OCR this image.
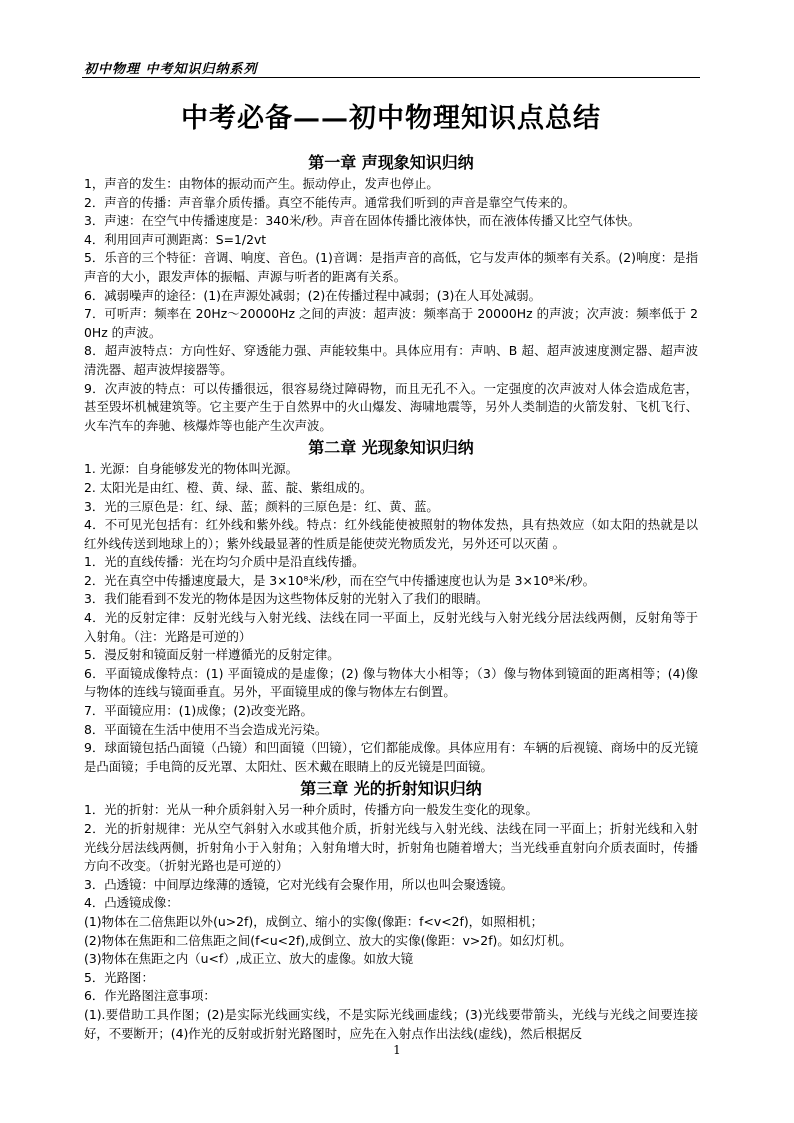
初中物理 中考知识归纳系列
中考必备——初中物理知识点总结
第一章 声现象知识归纳

1，声音的发生：由物体的振动而产生。振动停止，发声也停止。

2．声音的传播：声音靠介质传播。真空不能传声。通常我们听到的声音是靠空气传来的。

3．声速：在空气中传播速度是：340米/秒。声音在固体传播比液体快，而在液体传播又比空气体快。

4．利用回声可测距离：S=1/2vt

5．乐音的三个特征：音调、响度、音色。(1)音调：是指声音的高低，它与发声体的频率有关系。(2)响度：是指声音的大小，跟发声体的振幅、声源与听者的距离有关系。

6．减弱噪声的途径：(1)在声源处减弱；(2)在传播过程中减弱；(3)在人耳处减弱。

7．可听声：频率在 20Hz～20000Hz 之间的声波：超声波：频率高于 20000Hz 的声波；次声波：频率低于 20Hz 的声波。

8．超声波特点：方向性好、穿透能力强、声能较集中。具体应用有：声呐、B 超、超声波速度测定器、超声波清洗器、超声波焊接器等。

9．次声波的特点：可以传播很远，很容易绕过障碍物，而且无孔不入。一定强度的次声波对人体会造成危害，甚至毁坏机械建筑等。它主要产生于自然界中的火山爆发、海啸地震等，另外人类制造的火箭发射、飞机飞行、火车汽车的奔驰、核爆炸等也能产生次声波。

第二章 光现象知识归纳

1. 光源：自身能够发光的物体叫光源。

2. 太阳光是由红、橙、黄、绿、蓝、靛、紫组成的。

3．光的三原色是：红、绿、蓝；颜料的三原色是：红、黄、蓝。

4．不可见光包括有：红外线和紫外线。特点：红外线能使被照射的物体发热，具有热效应（如太阳的热就是以红外线传送到地球上的）；紫外线最显著的性质是能使荧光物质发光，另外还可以灭菌 。

1．光的直线传播：光在均匀介质中是沿直线传播。

2．光在真空中传播速度最大，是 3×10⁸米/秒，而在空气中传播速度也认为是 3×10⁸米/秒。

3．我们能看到不发光的物体是因为这些物体反射的光射入了我们的眼睛。

4．光的反射定律：反射光线与入射光线、法线在同一平面上，反射光线与入射光线分居法线两侧，反射角等于入射角。（注：光路是可逆的）

5．漫反射和镜面反射一样遵循光的反射定律。

6．平面镜成像特点：(1) 平面镜成的是虚像；(2) 像与物体大小相等；（3）像与物体到镜面的距离相等；(4)像与物体的连线与镜面垂直。另外，平面镜里成的像与物体左右倒置。

7．平面镜应用：(1)成像；(2)改变光路。

8．平面镜在生活中使用不当会造成光污染。

9．球面镜包括凸面镜（凸镜）和凹面镜（凹镜），它们都能成像。具体应用有：车辆的后视镜、商场中的反光镜是凸面镜；手电筒的反光罩、太阳灶、医术戴在眼睛上的反光镜是凹面镜。

第三章 光的折射知识归纳

1．光的折射：光从一种介质斜射入另一种介质时，传播方向一般发生变化的现象。

2．光的折射规律：光从空气斜射入水或其他介质，折射光线与入射光线、法线在同一平面上；折射光线和入射光线分居法线两侧，折射角小于入射角；入射角增大时，折射角也随着增大；当光线垂直射向介质表面时，传播方向不改变。（折射光路也是可逆的）

3．凸透镜：中间厚边缘薄的透镜，它对光线有会聚作用，所以也叫会聚透镜。

4．凸透镜成像：

(1)物体在二倍焦距以外(u>2f)，成倒立、缩小的实像(像距：f<v<2f)，如照相机；

(2)物体在焦距和二倍焦距之间(f<u<2f),成倒立、放大的实像(像距：v>2f)。如幻灯机。

(3)物体在焦距之内（u<f）,成正立、放大的虚像。如放大镜

5．光路图：

6．作光路图注意事项：

(1).要借助工具作图；(2)是实际光线画实线，不是实际光线画虚线；(3)光线要带箭头，光线与光线之间要连接好，不要断开；(4)作光的反射或折射光路图时，应先在入射点作出法线(虚线)，然后根据反

1
